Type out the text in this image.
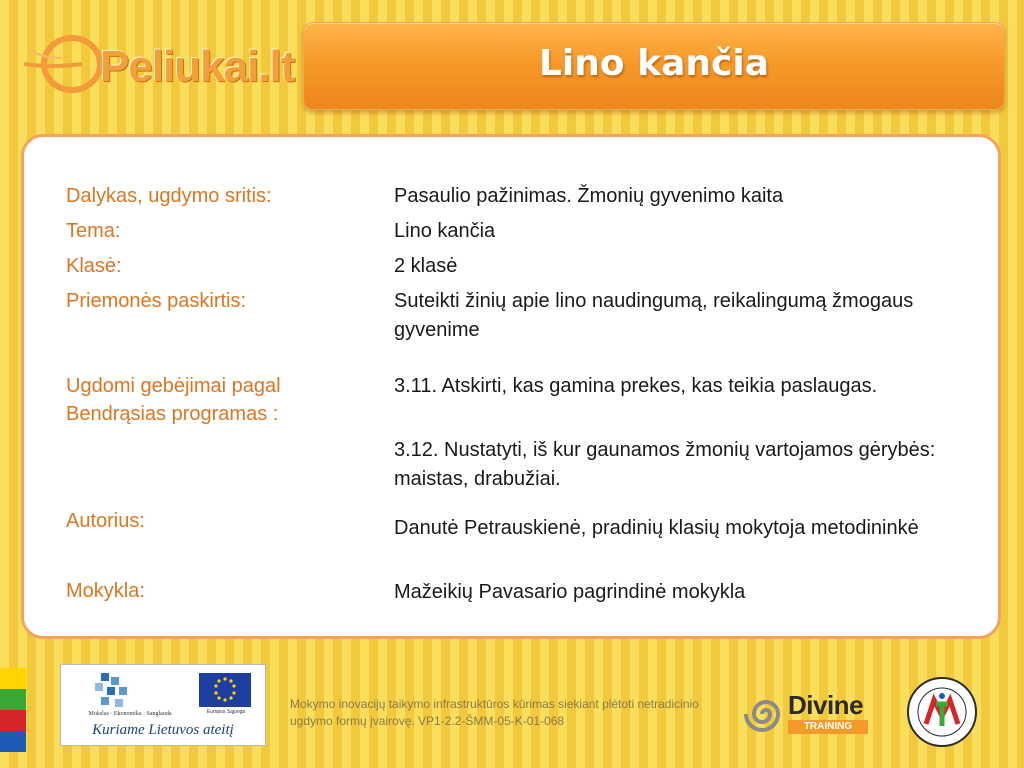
Peliukai.lt	Lino kančia
Dalykas, ugdymo sritis:	Pasaulio pažinimas. Žmonių gyvenimo kaita
Tema:	Lino kančia
Klasė:	2 klasė
Priemonės paskirtis:	Suteikti žinių apie lino naudingumą, reikalingumą žmogaus gyvenime
Ugdomi gebėjimai pagal Bendrąsias programas :
3.11. Atskirti, kas gamina prekes, kas teikia paslaugas.
3.12. Nustatyti, iš kur gaunamos žmonių vartojamos gėrybės: maistas, drabužiai.
Autorius:	Danutė Petrauskienė, pradinių klasių mokytoja metodininkė
Mokykla:	Mažeikių Pavasario pagrindinė mokykla
Europos Sąjunga
Mokslas · Ekonomika · Sanglauda
Kuriame Lietuvos ateitį
Mokymo inovacijų taikymo infrastruktūros kūrimas siekiant plėtoti netradicinio ugdymo formų įvairovę. VP1-2.2-ŠMM-05-K-01-068
Divine
TRAINING
